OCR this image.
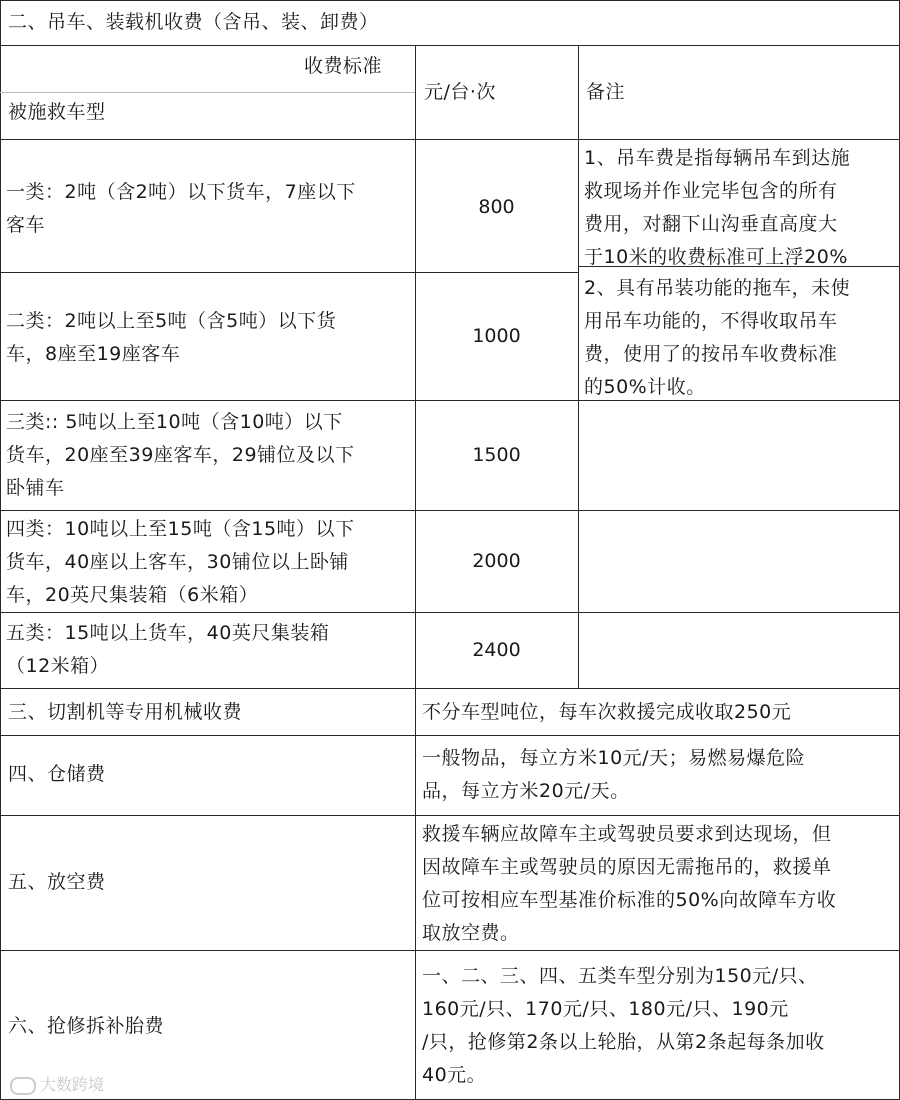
二、吊车、装载机收费（含吊、装、卸费）
收费标准
被施救车型
元/台·次	备注
一类：2吨（含2吨）以下货车，7座以下
客车
二类：2吨以上至5吨（含5吨）以下货
车，8座至19座客车
三类:: 5吨以上至10吨（含10吨）以下
货车，20座至39座客车，29铺位及以下
卧铺车
四类：10吨以上至15吨（含15吨）以下
货车，40座以上客车，30铺位以上卧铺
车，20英尺集装箱（6米箱）
五类：15吨以上货车，40英尺集装箱
（12米箱）
800
1000
1500
2000
2400
1、吊车费是指每辆吊车到达施
救现场并作业完毕包含的所有
费用，对翻下山沟垂直高度大
于10米的收费标准可上浮20%
2、具有吊装功能的拖车，未使
用吊车功能的，不得收取吊车
费，使用了的按吊车收费标准
的50%计收。
三、切割机等专用机械收费	不分车型吨位，每车次救援完成收取250元
四、仓储费
一般物品，每立方米10元/天；易燃易爆危险
品，每立方米20元/天。
五、放空费
救援车辆应故障车主或驾驶员要求到达现场，但
因故障车主或驾驶员的原因无需拖吊的，救援单
位可按相应车型基准价标准的50%向故障车方收
取放空费。
六、抢修拆补胎费
一、二、三、四、五类车型分别为150元/只、
160元/只、170元/只、180元/只、190元
/只，抢修第2条以上轮胎，从第2条起每条加收
40元。
大数跨境
